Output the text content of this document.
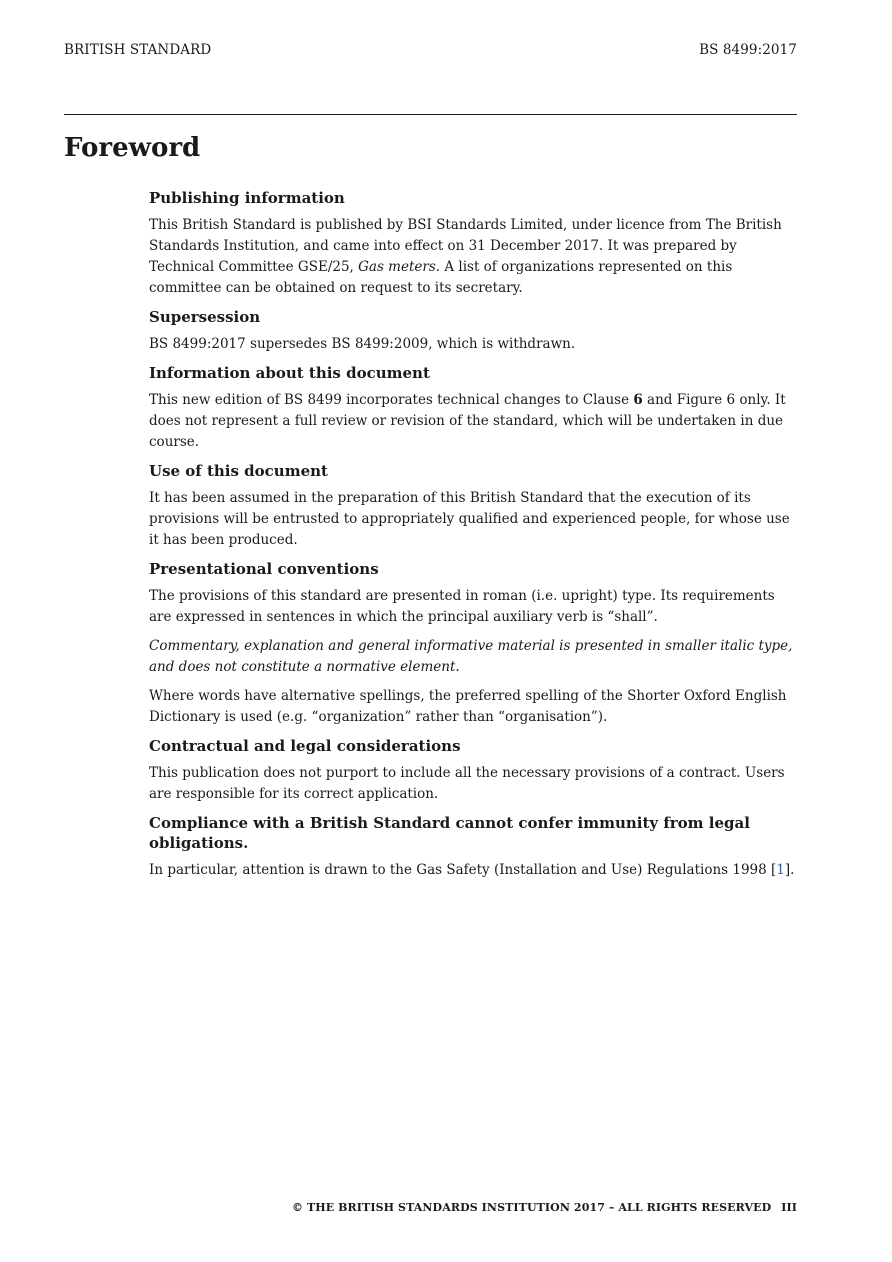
BRITISH STANDARD	BS 8499:2017
Foreword
Publishing information

This British Standard is published by BSI Standards Limited, under licence from The British Standards Institution, and came into effect on 31 December 2017. It was prepared by Technical Committee GSE/25, Gas meters. A list of organizations represented on this committee can be obtained on request to its secretary.

Supersession

BS 8499:2017 supersedes BS 8499:2009, which is withdrawn.

Information about this document

This new edition of BS 8499 incorporates technical changes to Clause 6 and Figure 6 only. It does not represent a full review or revision of the standard, which will be undertaken in due course.

Use of this document

It has been assumed in the preparation of this British Standard that the execution of its provisions will be entrusted to appropriately qualified and experienced people, for whose use it has been produced.

Presentational conventions

The provisions of this standard are presented in roman (i.e. upright) type. Its requirements are expressed in sentences in which the principal auxiliary verb is “shall”.

Commentary, explanation and general informative material is presented in smaller italic type, and does not constitute a normative element.

Where words have alternative spellings, the preferred spelling of the Shorter Oxford English Dictionary is used (e.g. “organization” rather than “organisation”).

Contractual and legal considerations

This publication does not purport to include all the necessary provisions of a contract. Users are responsible for its correct application.

Compliance with a British Standard cannot confer immunity from legal obligations.

In particular, attention is drawn to the Gas Safety (Installation and Use) Regulations 1998 [1].

© THE BRITISH STANDARDS INSTITUTION 2017 – ALL RIGHTS RESERVED III
